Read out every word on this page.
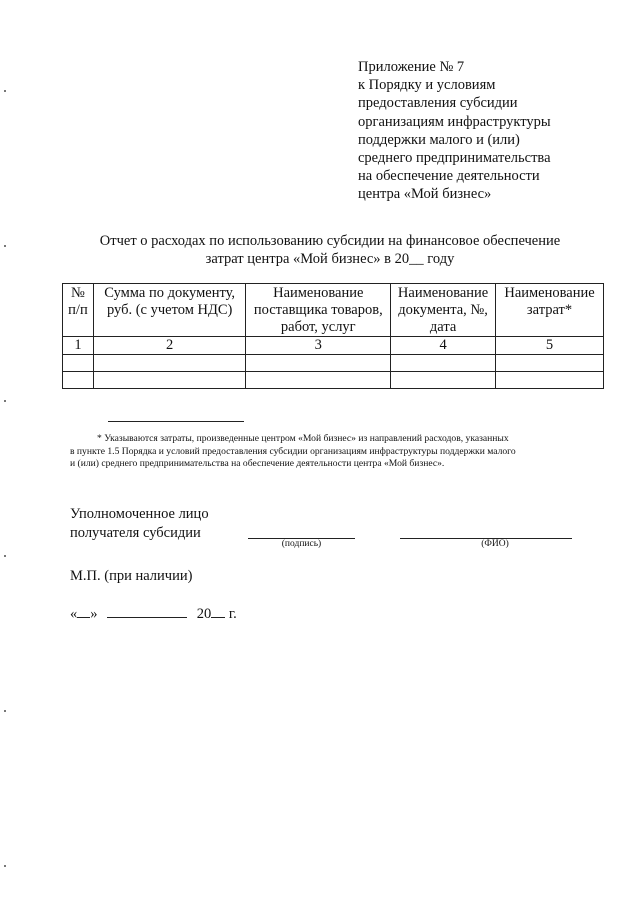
Приложение № 7
к Порядку и условиям
предоставления субсидии
организациям инфраструктуры
поддержки малого и (или)
среднего предпринимательства
на обеспечение деятельности
центра «Мой бизнес»
Отчет о расходах по использованию субсидии на финансовое обеспечение
затрат центра «Мой бизнес» в 20__ году
№ п/п	Сумма по документу, руб. (с учетом НДС)	Наименование поставщика товаров, работ, услуг	Наименование документа, №, дата	Наименование затрат*
1	2	3	4	5

* Указываются затраты, произведенные центром «Мой бизнес» из направлений расходов, указанных
в пункте 1.5 Порядка и условий предоставления субсидии организациям инфраструктуры поддержки малого
и (или) среднего предпринимательства на обеспечение деятельности центра «Мой бизнес».
Уполномоченное лицо
получателя субсидии
(подпись)	(ФИО)
М.П. (при наличии)
« »	20 г.
